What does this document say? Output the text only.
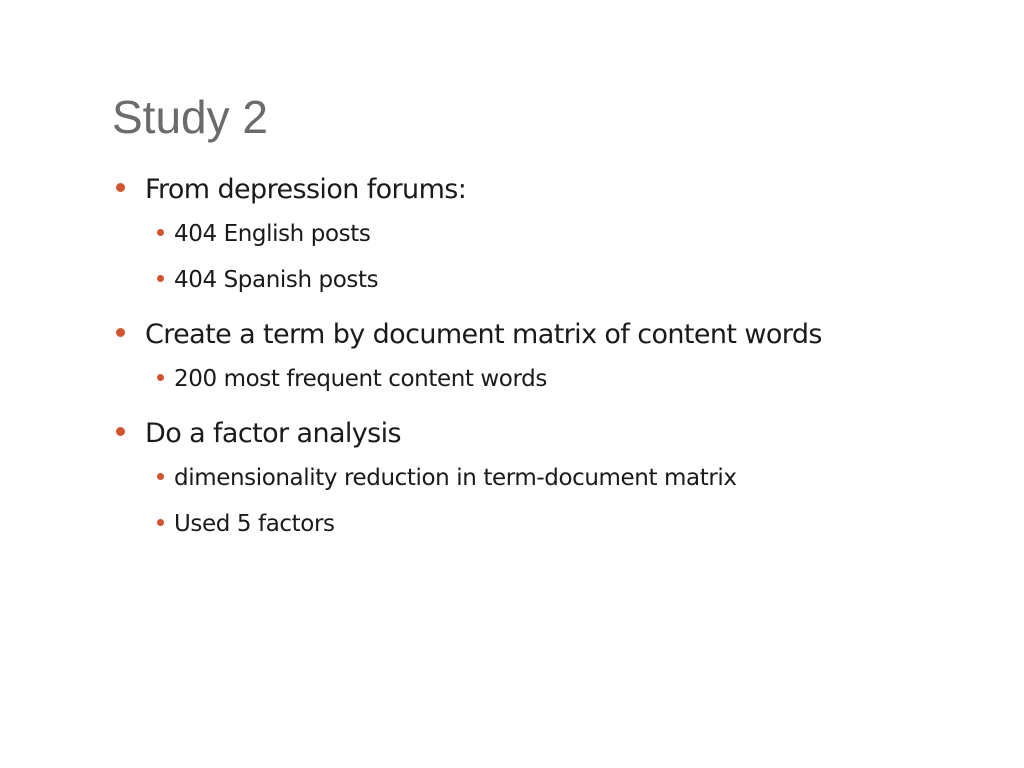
Study 2
From depression forums:
404 English posts
404 Spanish posts
Create a term by document matrix of content words
200 most frequent content words
Do a factor analysis
dimensionality reduction in term-document matrix
Used 5 factors
